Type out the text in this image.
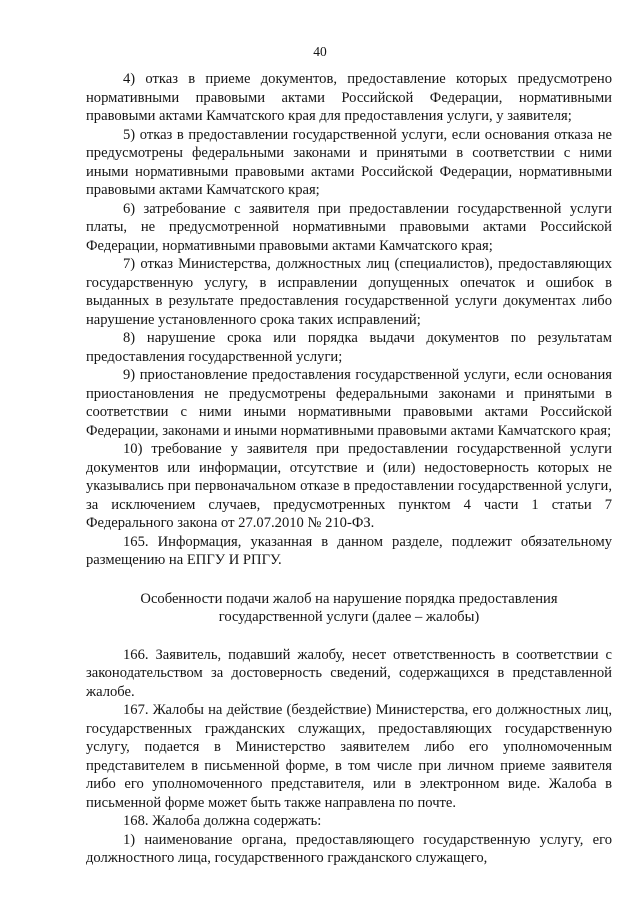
40

4) отказ в приеме документов, предоставление которых предусмотрено нормативными правовыми актами Российской Федерации, нормативными правовыми актами Камчатского края для предоставления услуги, у заявителя;

5) отказ в предоставлении государственной услуги, если основания отказа не предусмотрены федеральными законами и принятыми в соответствии с ними иными нормативными правовыми актами Российской Федерации, нормативными правовыми актами Камчатского края;

6) затребование с заявителя при предоставлении государственной услуги платы, не предусмотренной нормативными правовыми актами Российской Федерации, нормативными правовыми актами Камчатского края;

7) отказ Министерства, должностных лиц (специалистов), предоставляющих государственную услугу, в исправлении допущенных опечаток и ошибок в выданных в результате предоставления государственной услуги документах либо нарушение установленного срока таких исправлений;

8) нарушение срока или порядка выдачи документов по результатам предоставления государственной услуги;

9) приостановление предоставления государственной услуги, если основания приостановления не предусмотрены федеральными законами и принятыми в соответствии с ними иными нормативными правовыми актами Российской Федерации, законами и иными нормативными правовыми актами Камчатского края;

10) требование у заявителя при предоставлении государственной услуги документов или информации, отсутствие и (или) недостоверность которых не указывались при первоначальном отказе в предоставлении государственной услуги, за исключением случаев, предусмотренных пунктом 4 части 1 статьи 7 Федерального закона от 27.07.2010 № 210-ФЗ.

165. Информация, указанная в данном разделе, подлежит обязательному размещению на ЕПГУ И РПГУ.

Особенности подачи жалоб на нарушение порядка предоставления
государственной услуги (далее – жалобы)

166. Заявитель, подавший жалобу, несет ответственность в соответствии с законодательством за достоверность сведений, содержащихся в представленной жалобе.

167. Жалобы на действие (бездействие) Министерства, его должностных лиц, государственных гражданских служащих, предоставляющих государственную услугу, подается в Министерство заявителем либо его уполномоченным представителем в письменной форме, в том числе при личном приеме заявителя либо его уполномоченного представителя, или в электронном виде. Жалоба в письменной форме может быть также направлена по почте.

168. Жалоба должна содержать:

1) наименование органа, предоставляющего государственную услугу, его должностного лица, государственного гражданского служащего,
